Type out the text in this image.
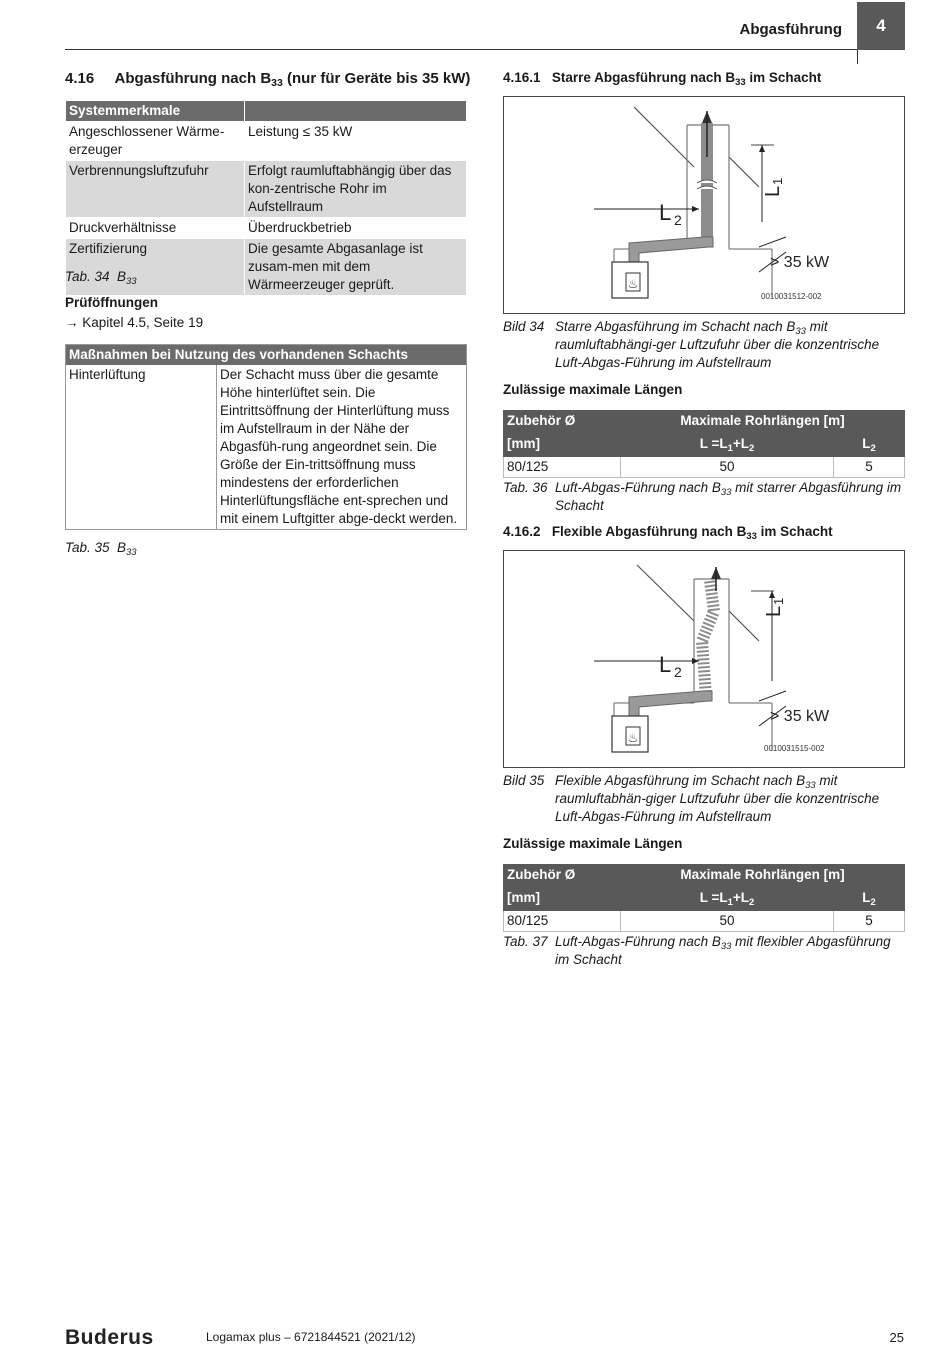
Abgasführung	4
4.16 Abgasführung nach $B_{33}$ (nur für Geräte bis 35 kW)
Systemmerkmale	
Angeschlossener Wärme-erzeuger	Leistung ≤ 35 kW
Verbrennungsluftzufuhr	Erfolgt raumluftabhängig über das kon-zentrische Rohr im Aufstellraum
Druckverhältnisse	Überdruckbetrieb
Zertifizierung	Die gesamte Abgasanlage ist zusam-men mit dem Wärmeerzeuger geprüft.
Tab. 34 $B_{33}$
Prüföffnungen
→ Kapitel 4.5, Seite 19
Maßnahmen bei Nutzung des vorhandenen Schachts
Hinterlüftung	Der Schacht muss über die gesamte Höhe hinterlüftet sein. Die Eintrittsöffnung der Hinterlüftung muss im Aufstellraum in der Nähe der Abgasfüh-rung angeordnet sein. Die Größe der Ein-trittsöffnung muss mindestens der erforderlichen Hinterlüftungsfläche ent-sprechen und mit einem Luftgitter abge-deckt werden.
Tab. 35 $B_{33}$
4.16.1 Starre Abgasführung nach $B_{33}$ im Schacht
♨
L 2
L
1
> 35 kW
0010031512-002
Bild 34 Starre Abgasführung im Schacht nach $B_{33}$ mit raumluftabhängi-ger Luftzufuhr über die konzentrische Luft-Abgas-Führung im Aufstellraum
Zulässige maximale Längen
Zubehör Ø	Maximale Rohrlängen [m]	
[mm]	$L =L_1+L_2$	$L_2$
80/125	50	5
Tab. 36 Luft-Abgas-Führung nach $B_{33}$ mit starrer Abgasführung im Schacht
4.16.2 Flexible Abgasführung nach $B_{33}$ im Schacht
♨
L 2
L
1
> 35 kW
0010031515-002
Bild 35 Flexible Abgasführung im Schacht nach $B_{33}$ mit raumluftabhän-giger Luftzufuhr über die konzentrische Luft-Abgas-Führung im Aufstellraum
Zulässige maximale Längen
Zubehör Ø	Maximale Rohrlängen [m]	
[mm]	$L =L_1+L_2$	$L_2$
80/125	50	5
Tab. 37 Luft-Abgas-Führung nach $B_{33}$ mit flexibler Abgasführung im Schacht
Buderus	Logamax plus – 6721844521 (2021/12)	25
